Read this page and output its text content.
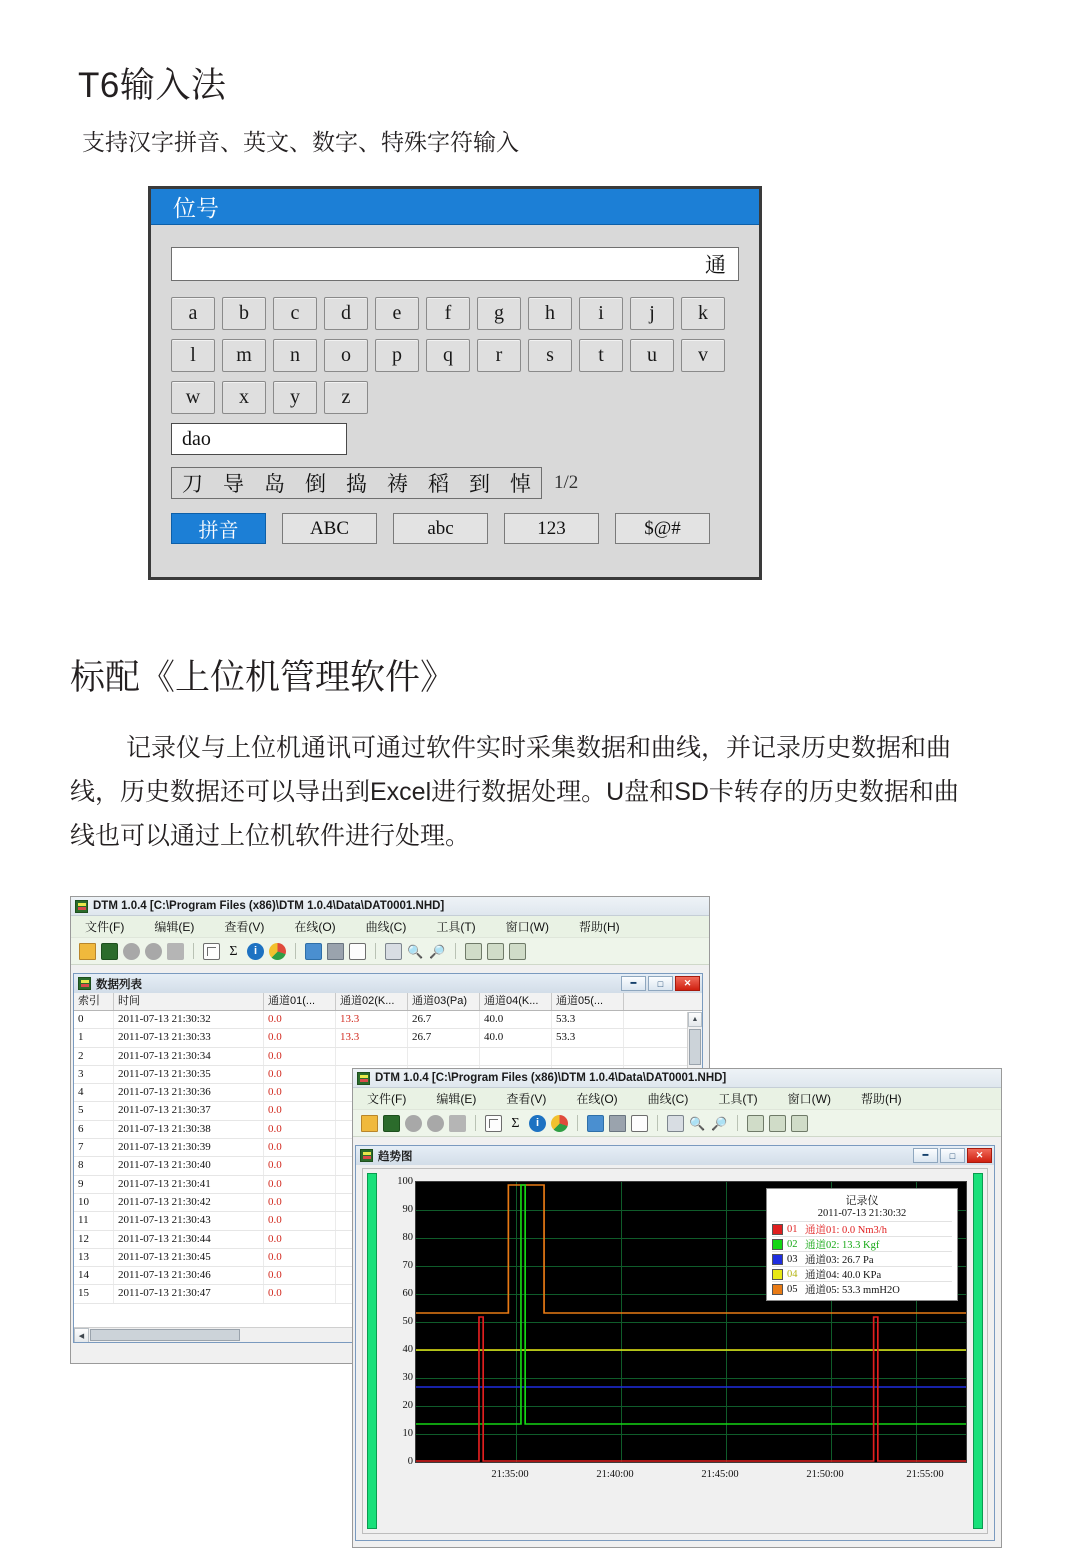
T6输入法
支持汉字拼音、英文、数字、特殊字符输入
位号
通
a	b	c	d	e	f	g	h	i	j	k
l	m	n	o	p	q	r	s	t	u	v
w	x	y	z
dao
刀 导 岛 倒 捣 祷 稻 到 悼 1/2
拼音	ABC	abc	123	$@#
标配《上位机管理软件》
记录仪与上位机通讯可通过软件实时采集数据和曲线，并记录历史数据和曲线，历史数据还可以导出到Excel进行数据处理。U盘和SD卡转存的历史数据和曲线也可以通过上位机软件进行处理。
DTM 1.0.4 [C:\Program Files (x86)\DTM 1.0.4\Data\DAT0001.NHD]
文件(F)	编辑(E)	查看(V)	在线(O)	曲线(C)	工具(T)	窗口(W)	帮助(H)
Σ	i	🔍 🔎
数据列表	━	□	✕
索引	时间	通道01(...	通道02(K...	通道03(Pa)	通道04(K...	通道05(...
0	2011-07-13 21:30:32	0.0	13.3	26.7	40.0	53.3
1	2011-07-13 21:30:33	0.0	13.3	26.7	40.0	53.3
2	2011-07-13 21:30:34	0.0
3	2011-07-13 21:30:35	0.0
4	2011-07-13 21:30:36	0.0
5	2011-07-13 21:30:37	0.0
6	2011-07-13 21:30:38	0.0
7	2011-07-13 21:30:39	0.0
8	2011-07-13 21:30:40	0.0
9	2011-07-13 21:30:41	0.0
10	2011-07-13 21:30:42	0.0
11	2011-07-13 21:30:43	0.0
12	2011-07-13 21:30:44	0.0
13	2011-07-13 21:30:45	0.0
14	2011-07-13 21:30:46	0.0
15	2011-07-13 21:30:47	0.0
▲
◀
DTM 1.0.4 [C:\Program Files (x86)\DTM 1.0.4\Data\DAT0001.NHD]
文件(F)	编辑(E)	查看(V)	在线(O)	曲线(C)	工具(T)	窗口(W)	帮助(H)
Σ	i	🔍 🔎
趋势图	━	□	✕
100
90
80
70
60
50
40
30
20
10
0
记录仪
2011-07-13 21:30:32
01 通道01: 0.0 Nm3/h
02 通道02: 13.3 Kgf
03 通道03: 26.7 Pa
04 通道04: 40.0 KPa
05 通道05: 53.3 mmH2O
21:35:00	21:40:00	21:45:00	21:50:00	21:55:00
